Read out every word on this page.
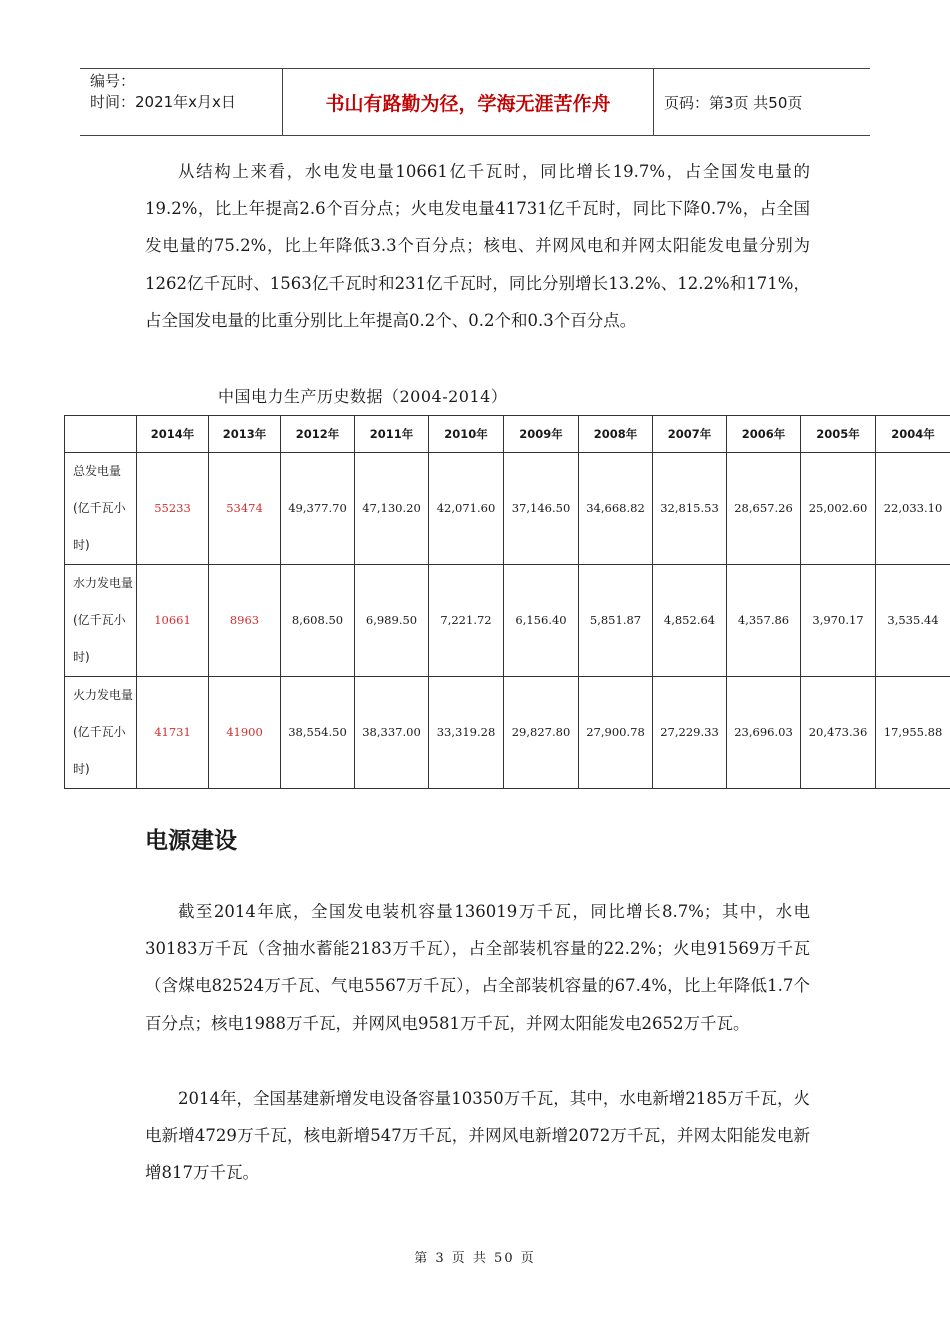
编号：
时间：2021年x月x日	书山有路勤为径，学海无涯苦作舟	页码：第3页 共50页

从结构上来看，水电发电量10661亿千瓦时，同比增长19.7%，占全国发电量的19.2%，比上年提高2.6个百分点；火电发电量41731亿千瓦时，同比下降0.7%，占全国发电量的75.2%，比上年降低3.3个百分点；核电、并网风电和并网太阳能发电量分别为1262亿千瓦时、1563亿千瓦时和231亿千瓦时，同比分别增长13.2%、12.2%和171%，占全国发电量的比重分别比上年提高0.2个、0.2个和0.3个百分点。

中国电力生产历史数据（2004-2014）
	2014年	2013年	2012年	2011年	2010年	2009年	2008年	2007年	2006年	2005年	2004年
总发电量(亿千瓦小时)	55233	53474	49,377.70	47,130.20	42,071.60	37,146.50	34,668.82	32,815.53	28,657.26	25,002.60	22,033.10
水力发电量(亿千瓦小时)	10661	8963	8,608.50	6,989.50	7,221.72	6,156.40	5,851.87	4,852.64	4,357.86	3,970.17	3,535.44
火力发电量(亿千瓦小时)	41731	41900	38,554.50	38,337.00	33,319.28	29,827.80	27,900.78	27,229.33	23,696.03	20,473.36	17,955.88
电源建设

截至2014年底，全国发电装机容量136019万千瓦，同比增长8.7%；其中，水电30183万千瓦（含抽水蓄能2183万千瓦），占全部装机容量的22.2%；火电91569万千瓦（含煤电82524万千瓦、气电5567万千瓦），占全部装机容量的67.4%，比上年降低1.7个百分点；核电1988万千瓦，并网风电9581万千瓦，并网太阳能发电2652万千瓦。

2014年，全国基建新增发电设备容量10350万千瓦，其中，水电新增2185万千瓦，火电新增4729万千瓦，核电新增547万千瓦，并网风电新增2072万千瓦，并网太阳能发电新增817万千瓦。

第 3 页 共 50 页
